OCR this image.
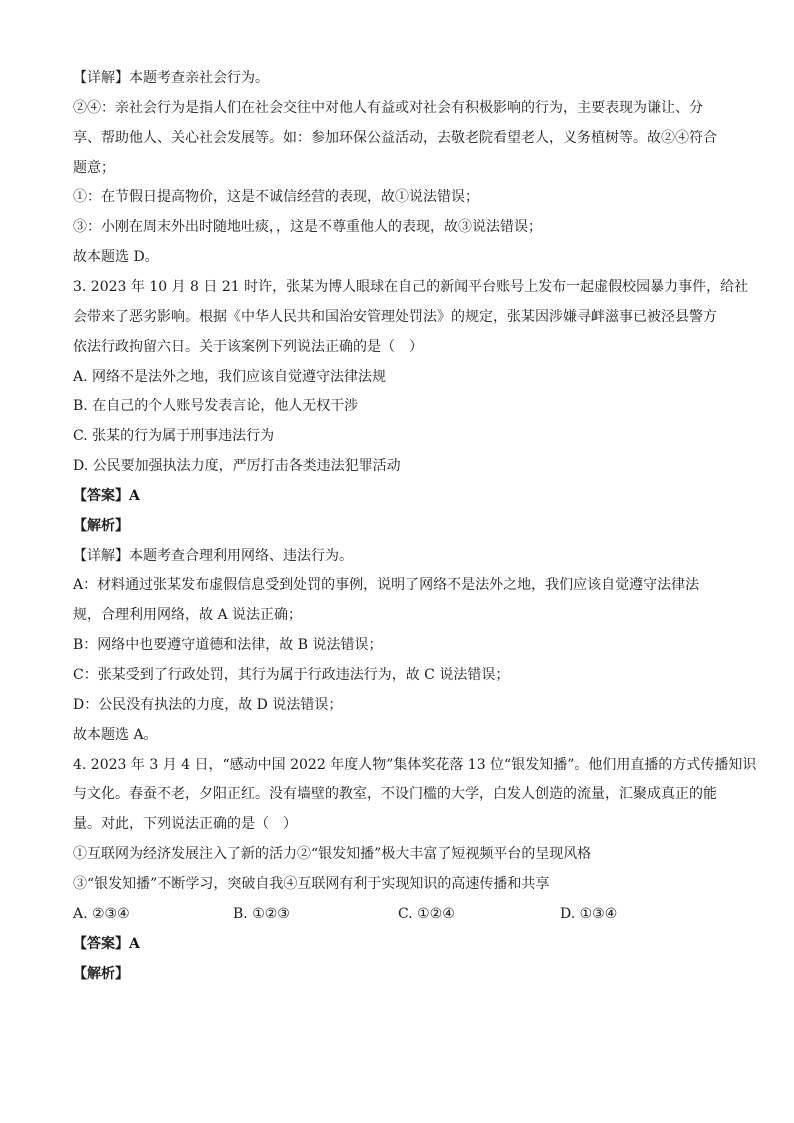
【详解】本题考查亲社会行为。
②④：亲社会行为是指人们在社会交往中对他人有益或对社会有积极影响的行为，主要表现为谦让、分
享、帮助他人、关心社会发展等。如：参加环保公益活动，去敬老院看望老人，义务植树等。故②④符合
题意；
①：在节假日提高物价，这是不诚信经营的表现，故①说法错误；
③：小刚在周末外出时随地吐痰，，这是不尊重他人的表现，故③说法错误；
故本题选 D。
3. 2023 年 10 月 8 日 21 时许，张某为博人眼球在自己的新闻平台账号上发布一起虚假校园暴力事件，给社
会带来了恶劣影响。根据《中华人民共和国治安管理处罚法》的规定，张某因涉嫌寻衅滋事已被泾县警方
依法行政拘留六日。关于该案例下列说法正确的是（　）
A. 网络不是法外之地，我们应该自觉遵守法律法规
B. 在自己的个人账号发表言论，他人无权干涉
C. 张某的行为属于刑事违法行为
D. 公民要加强执法力度，严厉打击各类违法犯罪活动
【答案】A
【解析】
【详解】本题考查合理利用网络、违法行为。
A：材料通过张某发布虚假信息受到处罚的事例，说明了网络不是法外之地，我们应该自觉遵守法律法
规，合理利用网络，故 A 说法正确；
B：网络中也要遵守道德和法律，故 B 说法错误；
C：张某受到了行政处罚，其行为属于行政违法行为，故 C 说法错误；
D：公民没有执法的力度，故 D 说法错误；
故本题选 A。
4. 2023 年 3 月 4 日，“感动中国 2022 年度人物”集体奖花落 13 位“银发知播”。他们用直播的方式传播知识
与文化。春蚕不老，夕阳正红。没有墙壁的教室，不设门槛的大学，白发人创造的流量，汇聚成真正的能
量。对此，下列说法正确的是（　）
①互联网为经济发展注入了新的活力②“银发知播”极大丰富了短视频平台的呈现风格
③“银发知播”不断学习，突破自我④互联网有利于实现知识的高速传播和共享
A. ②③④	B. ①②③	C. ①②④	D. ①③④
【答案】A
【解析】
